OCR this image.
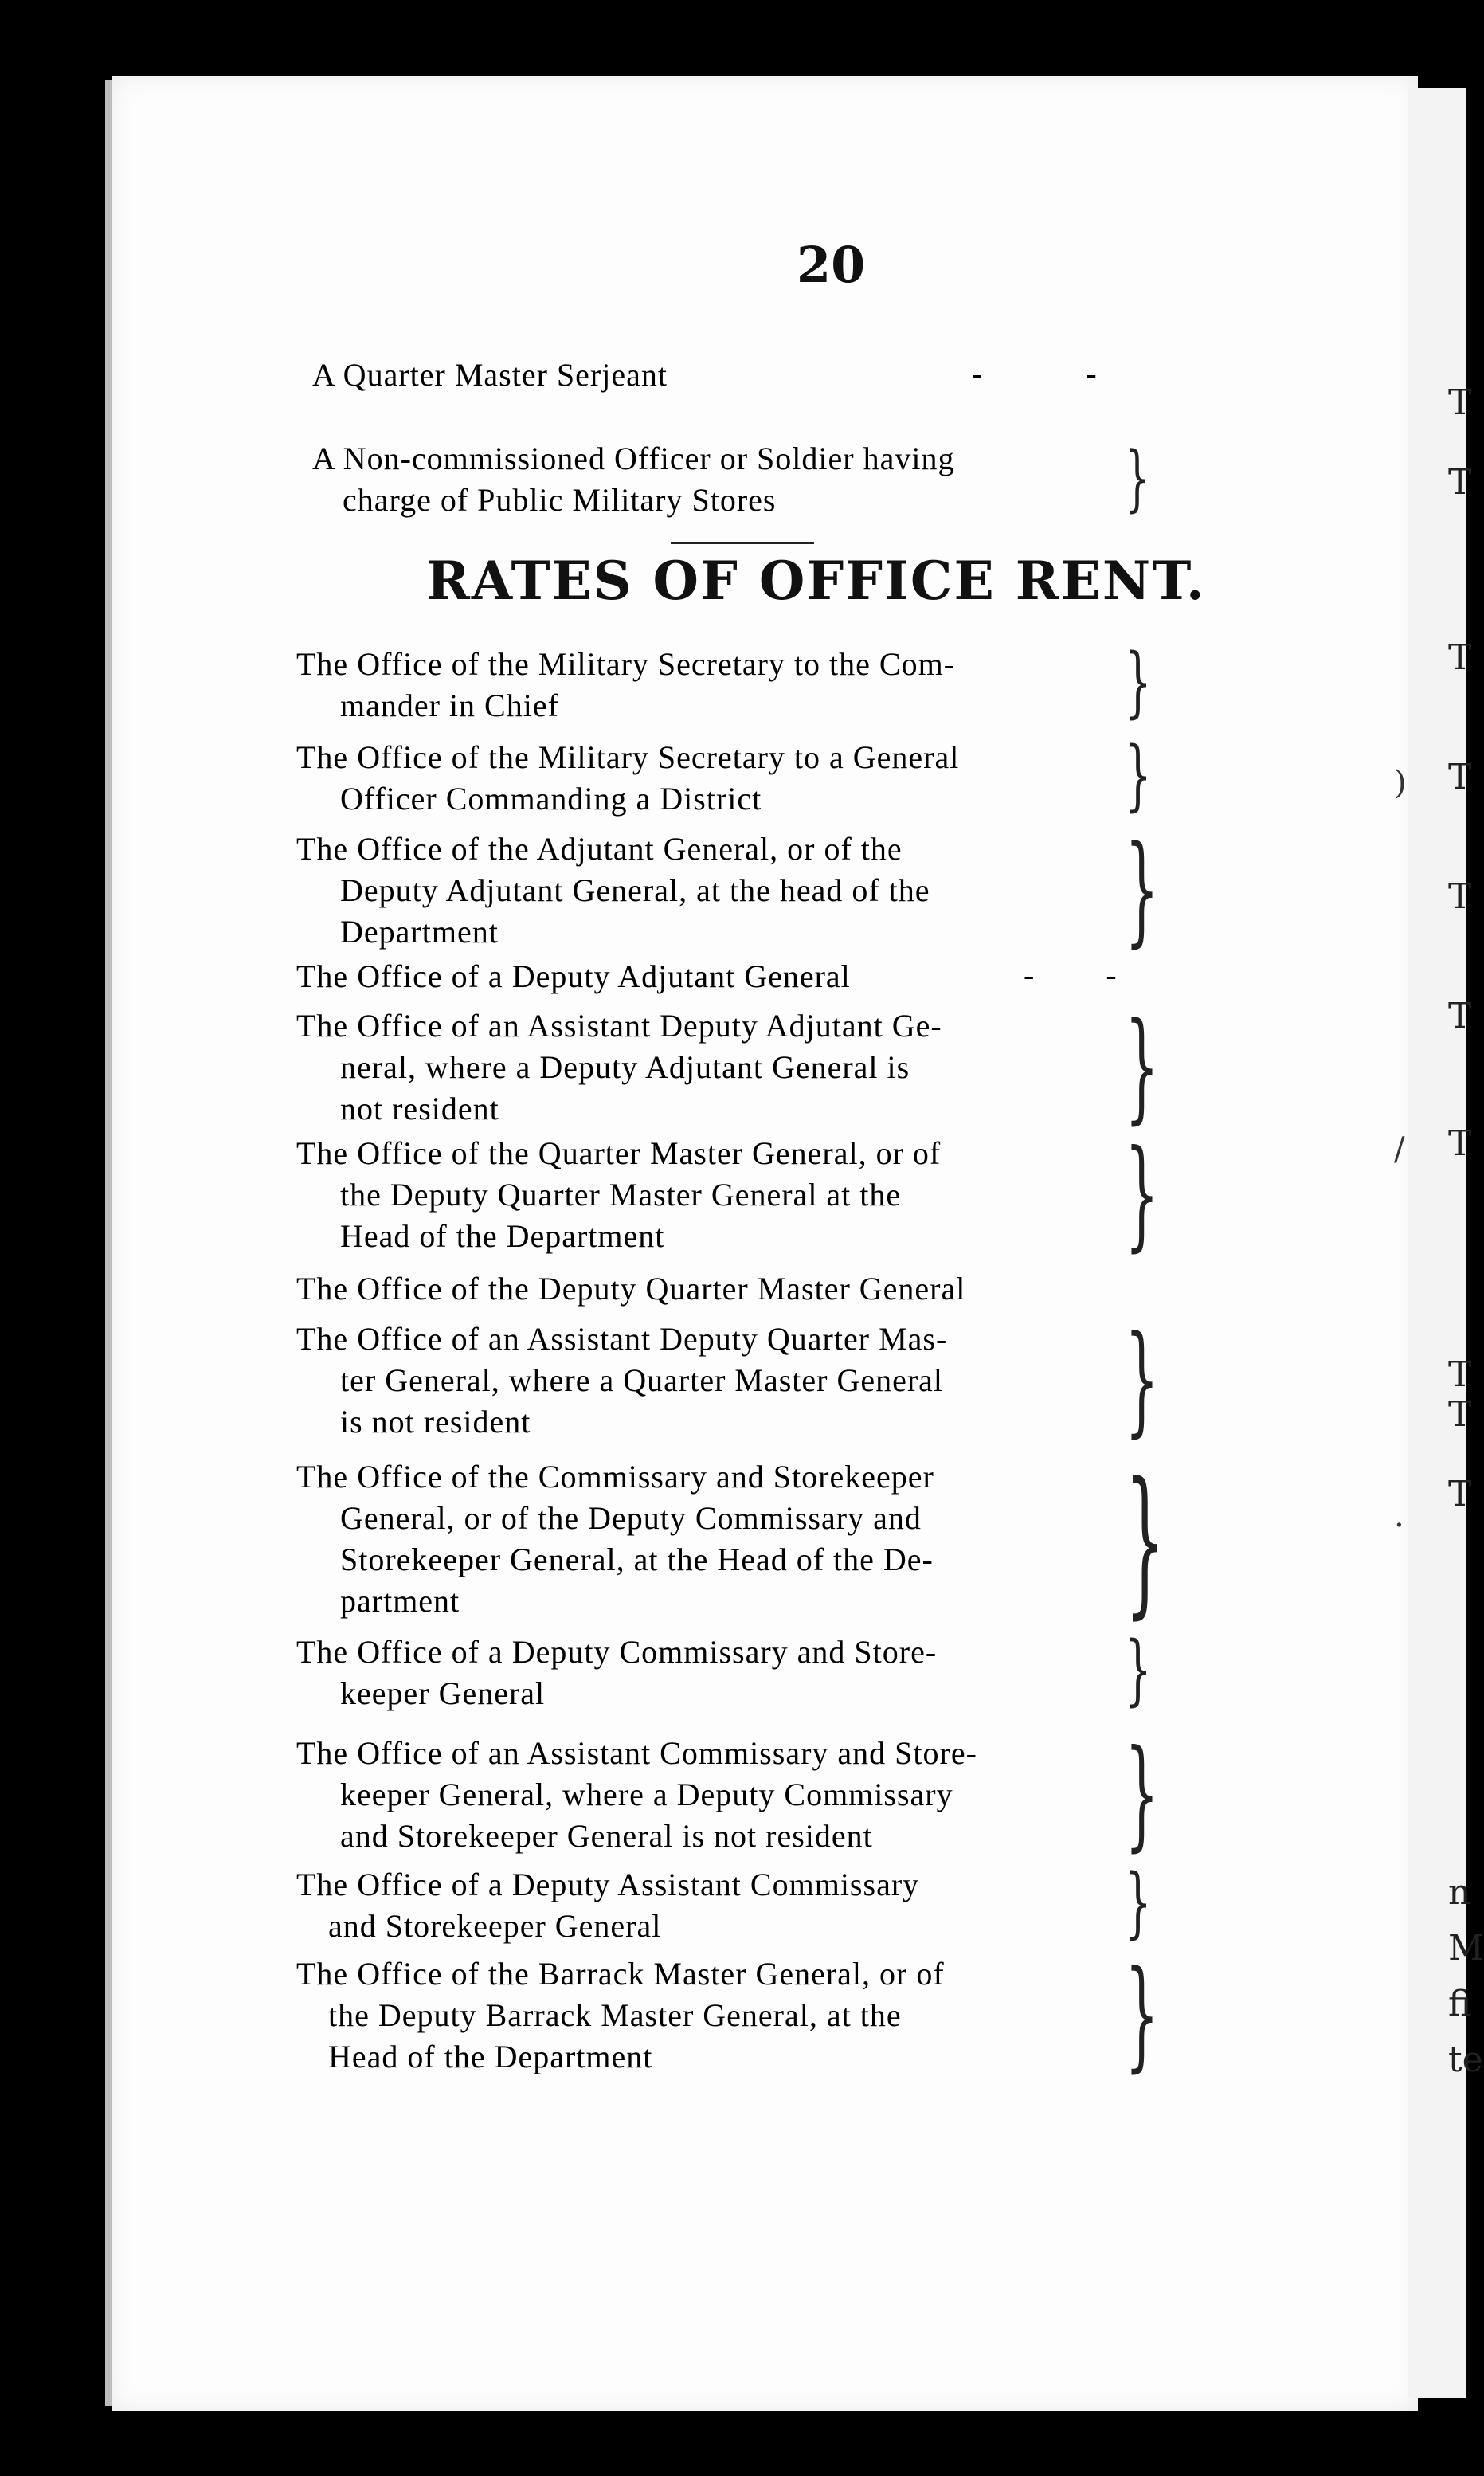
T
T
T
T
T
T
T
T
T
T
n
M
fi
te
)
/
.
20
A Quarter Master Serjeant	- -
A Non-commissioned Officer or Soldier having
charge of Public Military Stores	}
RATES OF OFFICE RENT.
The Office of the Military Secretary to the Com-
mander in Chief	}
The Office of the Military Secretary to a General
Officer Commanding a District	}
The Office of the Adjutant General, or of the
Deputy Adjutant General, at the head of the
Department	}
The Office of a Deputy Adjutant General	- -
The Office of an Assistant Deputy Adjutant Ge-
neral, where a Deputy Adjutant General is
not resident	}
The Office of the Quarter Master General, or of
the Deputy Quarter Master General at the
Head of the Department	}
The Office of the Deputy Quarter Master General
The Office of an Assistant Deputy Quarter Mas-
ter General, where a Quarter Master General
is not resident	}
The Office of the Commissary and Storekeeper
General, or of the Deputy Commissary and
Storekeeper General, at the Head of the De-
partment	}
The Office of a Deputy Commissary and Store-
keeper General	}
The Office of an Assistant Commissary and Store-
keeper General, where a Deputy Commissary
and Storekeeper General is not resident	}
The Office of a Deputy Assistant Commissary
and Storekeeper General	}
The Office of the Barrack Master General, or of
the Deputy Barrack Master General, at the
Head of the Department	}
